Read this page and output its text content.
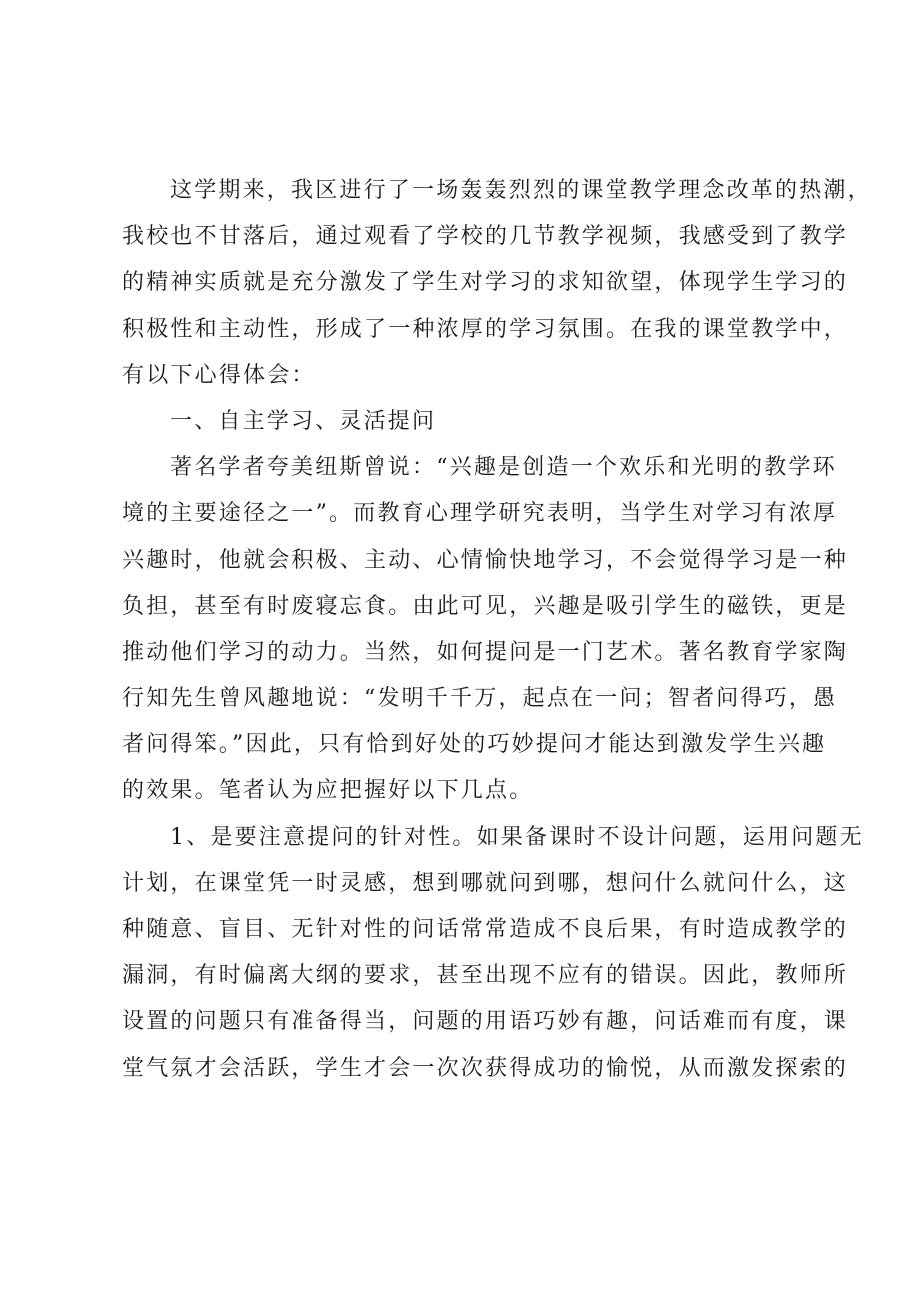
这学期来，我区进行了一场轰轰烈烈的课堂教学理念改革的热潮，
我校也不甘落后，通过观看了学校的几节教学视频，我感受到了教学
的精神实质就是充分激发了学生对学习的求知欲望，体现学生学习的
积极性和主动性，形成了一种浓厚的学习氛围。在我的课堂教学中，
有以下心得体会：
一、自主学习、灵活提问
著名学者夸美纽斯曾说：“兴趣是创造一个欢乐和光明的教学环
境的主要途径之一”。而教育心理学研究表明，当学生对学习有浓厚
兴趣时，他就会积极、主动、心情愉快地学习，不会觉得学习是一种
负担，甚至有时废寝忘食。由此可见，兴趣是吸引学生的磁铁，更是
推动他们学习的动力。当然，如何提问是一门艺术。著名教育学家陶
行知先生曾风趣地说：“发明千千万，起点在一问；智者问得巧，愚
者问得笨。”因此，只有恰到好处的巧妙提问才能达到激发学生兴趣
的效果。笔者认为应把握好以下几点。
1、是要注意提问的针对性。如果备课时不设计问题，运用问题无
计划，在课堂凭一时灵感，想到哪就问到哪，想问什么就问什么，这
种随意、盲目、无针对性的问话常常造成不良后果，有时造成教学的
漏洞，有时偏离大纲的要求，甚至出现不应有的错误。因此，教师所
设置的问题只有准备得当，问题的用语巧妙有趣，问话难而有度，课
堂气氛才会活跃，学生才会一次次获得成功的愉悦，从而激发探索的
